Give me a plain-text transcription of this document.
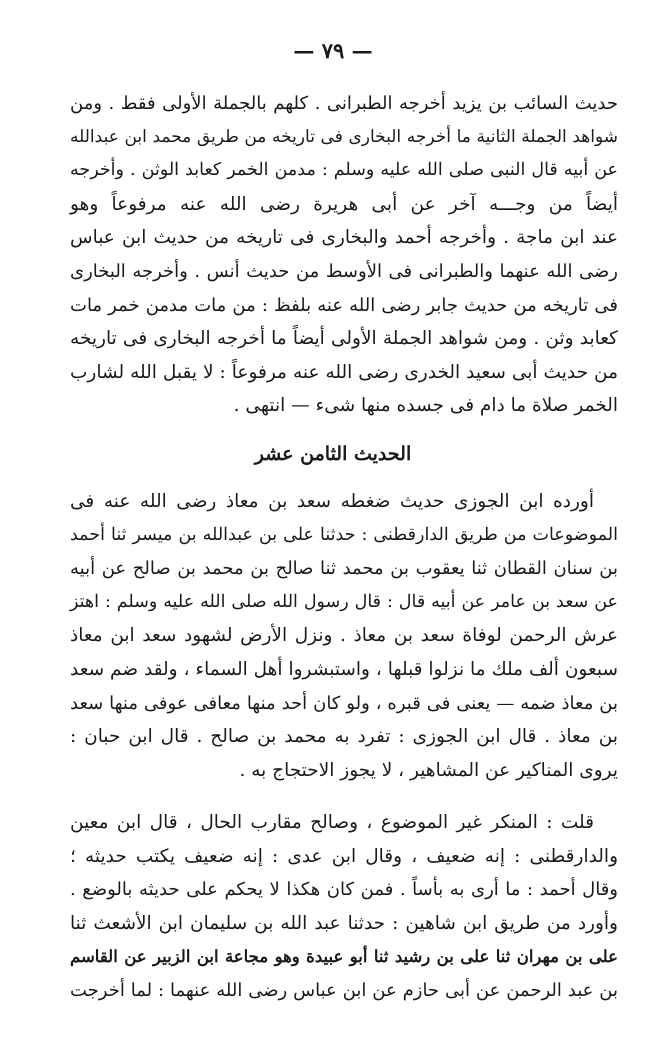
— ٧٩ —
حديث السائب بن يزيد أخرجه الطبرانى . كلهم بالجملة الأولى فقط . ومن
شواهد الجملة الثانية ما أخرجه البخارى فى تاريخه من طريق محمد ابن عبدالله
عن أبيه قال النبى صلى الله عليه وسلم : مدمن الخمر كعابد الوثن . وأخرجه
أيضاً من وجـــه آخر عن أبى هريرة رضى الله عنه مرفوعاً وهو
عند ابن ماجة . وأخرجه أحمد والبخارى فى تاريخه من حديث ابن عباس
رضى الله عنهما والطبرانى فى الأوسط من حديث أنس . وأخرجه البخارى
فى تاريخه من حديث جابر رضى الله عنه بلفظ : من مات مدمن خمر مات
كعابد وثن . ومن شواهد الجملة الأولى أيضاً ما أخرجه البخارى فى تاريخه
من حديث أبى سعيد الخدرى رضى الله عنه مرفوعاً : لا يقبل الله لشارب
الخمر صلاة ما دام فى جسده منها شىء — انتهى .
الحديث الثامن عشر
أورده ابن الجوزى حديث ضغطه سعد بن معاذ رضى الله عنه فى
الموضوعات من طريق الدارقطنى : حدثنا على بن عبدالله بن ميسر ثنا أحمد
بن سنان القطان ثنا يعقوب بن محمد ثنا صالح بن محمد بن صالح عن أبيه
عن سعد بن عامر عن أبيه قال : قال رسول الله صلى الله عليه وسلم : اهتز
عرش الرحمن لوفاة سعد بن معاذ . ونزل الأرض لشهود سعد ابن معاذ
سبعون ألف ملك ما نزلوا قبلها ، واستبشروا أهل السماء ، ولقد ضم سعد
بن معاذ ضمه — يعنى فى قبره ، ولو كان أحد منها معافى عوفى منها سعد
بن معاذ . قال ابن الجوزى : تفرد به محمد بن صالح . قال ابن حبان :
يروى المناكير عن المشاهير ، لا يجوز الاحتجاج به .
قلت : المنكر غير الموضوع ، وصالح مقارب الحال ، قال ابن معين
والدارقطنى : إنه ضعيف ، وقال ابن عدى : إنه ضعيف يكتب حديثه ؛
وقال أحمد : ما أرى به بأساً . فمن كان هكذا لا يحكم على حديثه بالوضع .
وأورد من طريق ابن شاهين : حدثنا عبد الله بن سليمان ابن الأشعث ثنا
على بن مهران ثنا على بن رشيد ثنا أبو عبيدة وهو مجاعة ابن الزبير عن القاسم
بن عبد الرحمن عن أبى حازم عن ابن عباس رضى الله عنهما : لما أخرجت
